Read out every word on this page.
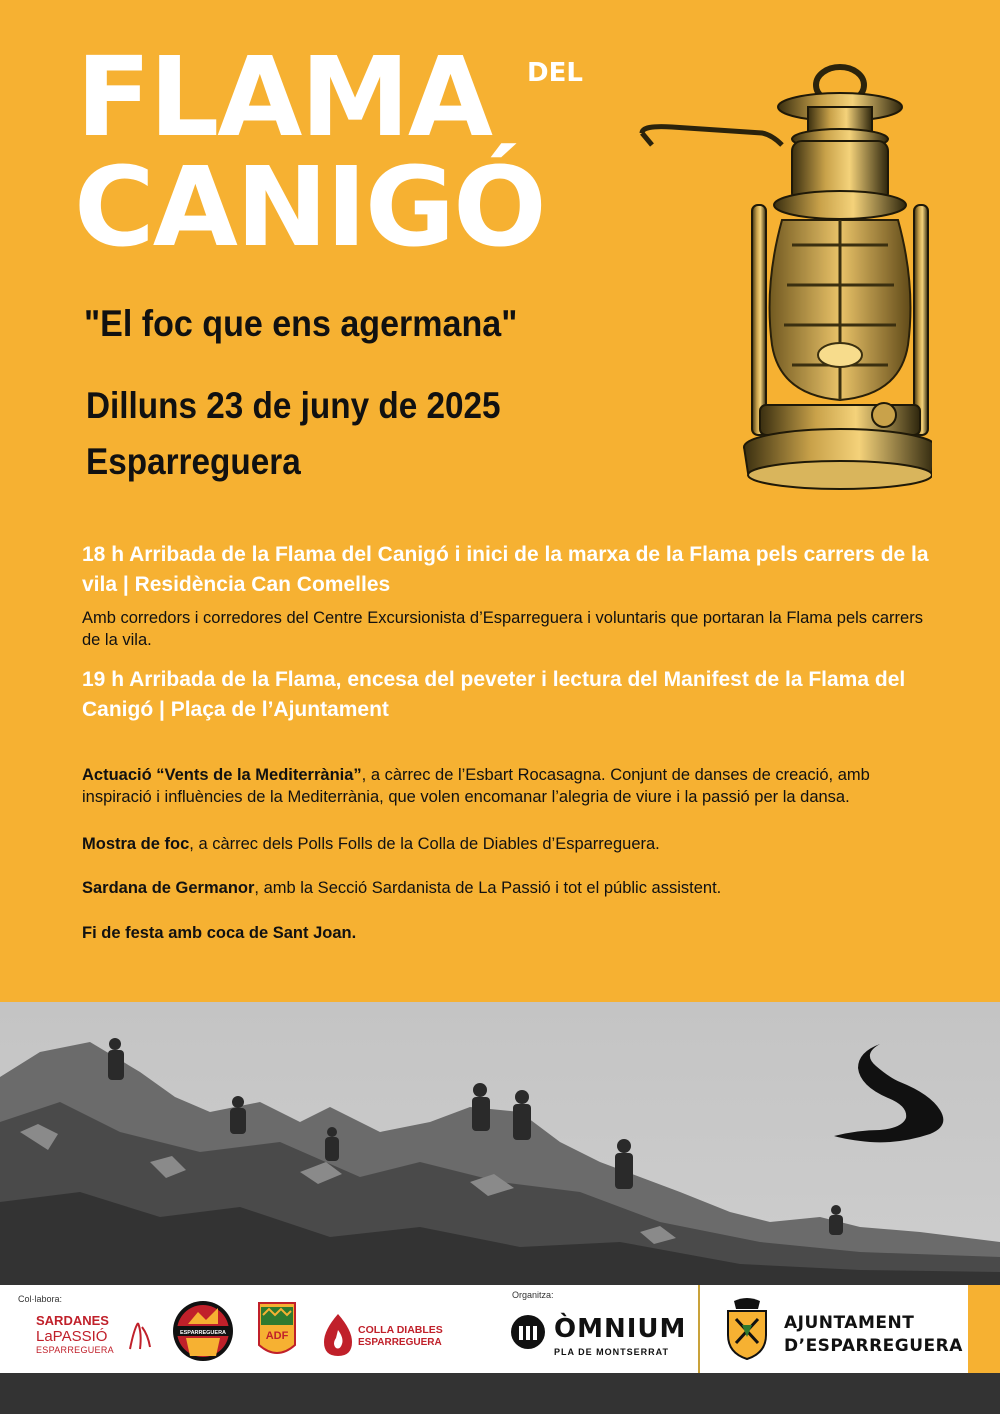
FLAMA DEL
CANIGÓ
"El foc que ens agermana"
Dilluns 23 de juny de 2025
Esparreguera
18 h Arribada de la Flama del Canigó i inici de la marxa de la Flama pels carrers de la vila | Residència Can Comelles
Amb corredors i corredores del Centre Excursionista d’Esparreguera i voluntaris que portaran la Flama pels carrers de la vila.
19 h Arribada de la Flama, encesa del peveter i lectura del Manifest de la Flama del Canigó | Plaça de l’Ajuntament
Actuació “Vents de la Mediterrània”, a càrrec de l’Esbart Rocasagna. Conjunt de danses de creació, amb inspiració i influències de la Mediterrània, que volen encomanar l’alegria de viure i la passió per la dansa.
Mostra de foc, a càrrec dels Polls Folls de la Colla de Diables d’Esparreguera.
Sardana de Germanor, amb la Secció Sardanista de La Passió i tot el públic assistent.
Fi de festa amb coca de Sant Joan.
Col·labora:	Organitza:
SARDANES
LaPASSIÓ
ESPARREGUERA
ESPARREGUERA	ADF	COLLA DIABLES
ESPARREGUERA	ÒMNIUM
PLA DE MONTSERRAT
AJUNTAMENT
D’ESPARREGUERA
